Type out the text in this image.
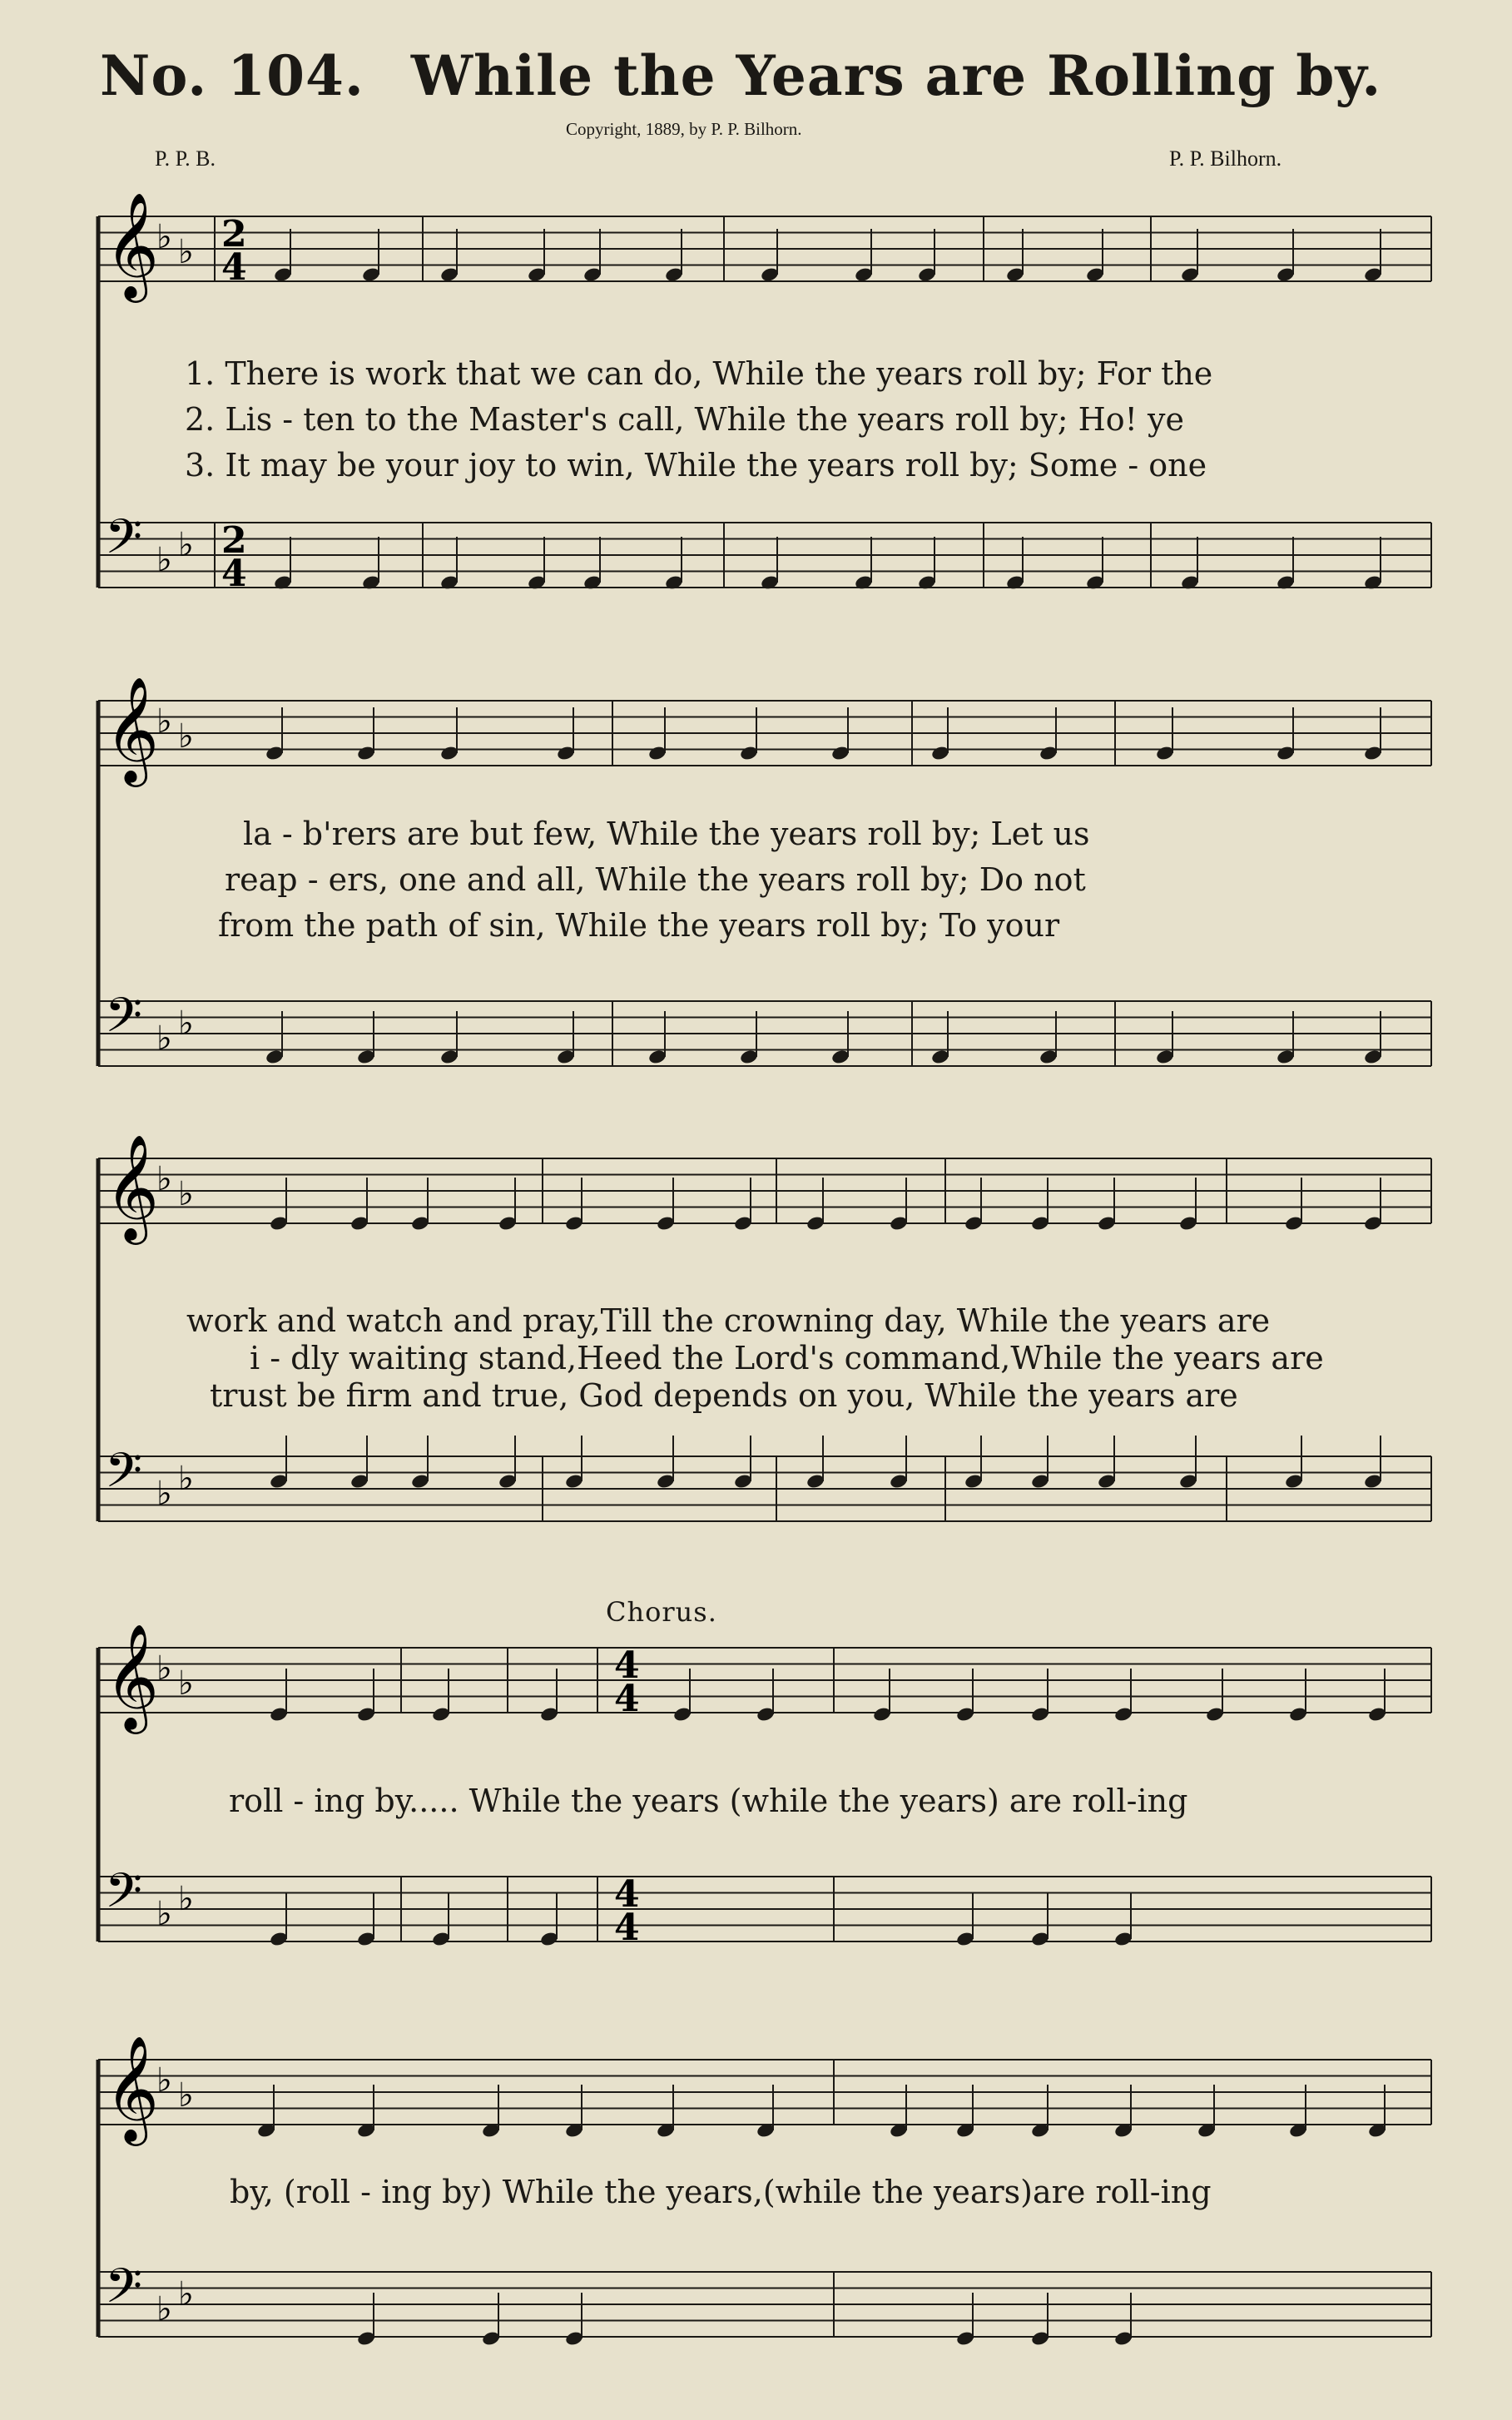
No. 104. While the Years are Rolling by.
Copyright, 1889, by P. P. Bilhorn.
P. P. B.	P. P. Bilhorn.
Chorus.
𝄞
♭ ♭
𝄢 ♭ ♭
𝄞
♭ ♭
𝄢 ♭ ♭
𝄞
♭ ♭
𝄢 ♭ ♭
𝄞
♭ ♭
𝄢 ♭ ♭
𝄞
♭ ♭
𝄢 ♭ ♭
2
4
2
4
4
4
4
4
1. There is work that we can do, While the years roll by; For the
2. Lis - ten to the Master's call, While the years roll by; Ho! ye
3. It may be your joy to win, While the years roll by; Some - one
la - b'rers are but few, While the years roll by; Let us
reap - ers, one and all, While the years roll by; Do not
from the path of sin, While the years roll by; To your
work and watch and pray,Till the crowning day, While the years are
i - dly waiting stand,Heed the Lord's command,While the years are
trust be firm and true, God depends on you, While the years are
roll - ing by..... While the years (while the years) are roll-ing
by, (roll - ing by) While the years,(while the years)are roll-ing
